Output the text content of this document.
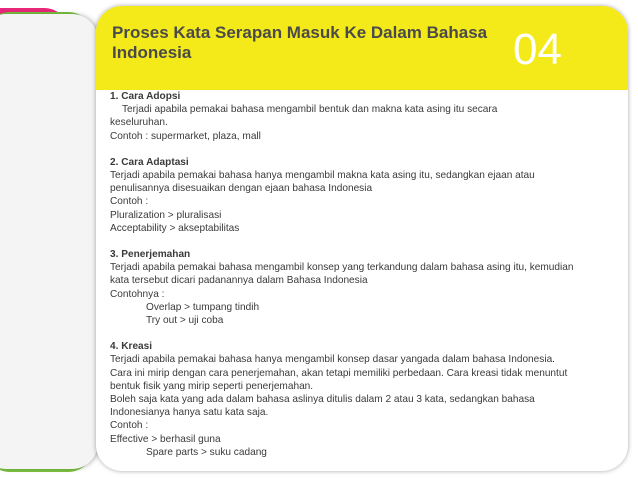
Proses Kata Serapan Masuk Ke Dalam Bahasa Indonesia	04

1. Cara Adopsi

Terjadi apabila pemakai bahasa mengambil bentuk dan makna kata asing itu secara

keseluruhan.

Contoh : supermarket, plaza, mall

2. Cara Adaptasi

Terjadi apabila pemakai bahasa hanya mengambil makna kata asing itu, sedangkan ejaan atau

penulisannya disesuaikan dengan ejaan bahasa Indonesia

Contoh :

Pluralization > pluralisasi

Acceptability > akseptabilitas

3. Penerjemahan

Terjadi apabila pemakai bahasa mengambil konsep yang terkandung dalam bahasa asing itu, kemudian

kata tersebut dicari padanannya dalam Bahasa Indonesia

Contohnya :

Overlap > tumpang tindih

Try out > uji coba

4. Kreasi

Terjadi apabila pemakai bahasa hanya mengambil konsep dasar yangada dalam bahasa Indonesia.

Cara ini mirip dengan cara penerjemahan, akan tetapi memiliki perbedaan. Cara kreasi tidak menuntut

bentuk fisik yang mirip seperti penerjemahan.

Boleh saja kata yang ada dalam bahasa aslinya ditulis dalam 2 atau 3 kata, sedangkan bahasa

Indonesianya hanya satu kata saja.

Contoh :

Effective > berhasil guna

Spare parts > suku cadang
